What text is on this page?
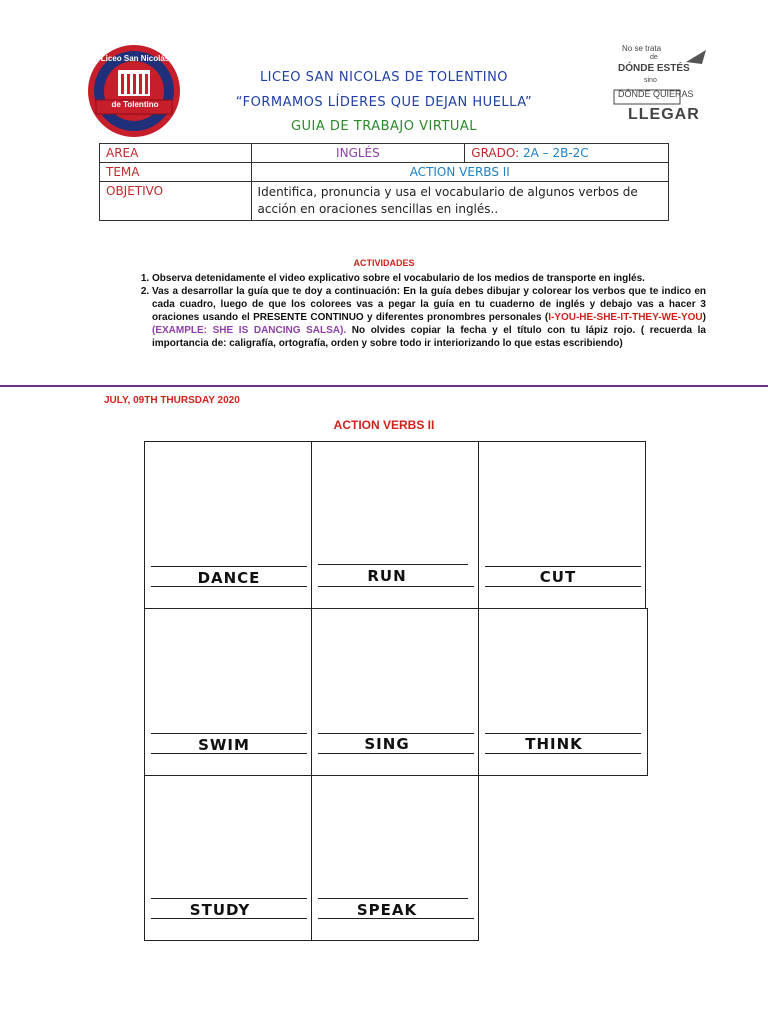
Liceo San Nicolás
de Tolentino
No se trata
de
DÓNDE ESTÉS
sino
DÓNDE QUIERAS
LLEGAR
LICEO SAN NICOLAS DE TOLENTINO
“FORMAMOS LÍDERES QUE DEJAN HUELLA”
GUIA DE TRABAJO VIRTUAL
AREA	INGLÉS	GRADO: 2A – 2B-2C
TEMA	ACTION VERBS II	
OBJETIVO	Identifica, pronuncia y usa el vocabulario de algunos verbos de acción en oraciones sencillas en inglés..	
ACTIVIDADES
1. Observa detenidamente el video explicativo sobre el vocabulario de los medios de transporte en inglés.
2. Vas a desarrollar la guía que te doy a continuación: En la guía debes dibujar y colorear los verbos que te indico en cada cuadro, luego de que los colorees vas a pegar la guía en tu cuaderno de inglés y debajo vas a hacer 3 oraciones usando el PRESENTE CONTINUO y diferentes pronombres personales (I-YOU-HE-SHE-IT-THEY-WE-YOU) (EXAMPLE: SHE IS DANCING SALSA). No olvides copiar la fecha y el título con tu lápiz rojo. ( recuerda la importancia de: caligrafía, ortografía, orden y sobre todo ir interiorizando lo que estas escribiendo)
JULY, 09TH THURSDAY 2020
ACTION VERBS II
DANCE	RUN	CUT
SWIM	SING	THINK
STUDY	SPEAK
